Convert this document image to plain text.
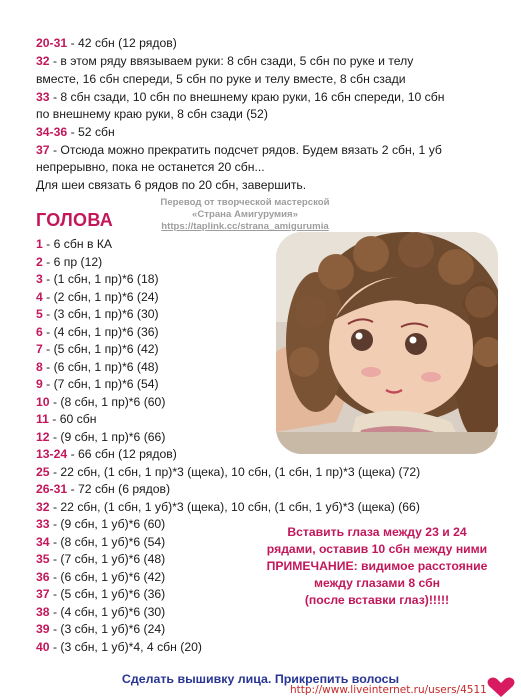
20-31 - 42 сбн (12 рядов)
32 - в этом ряду ввязываем руки: 8 сбн сзади, 5 сбн по руке и телу
вместе, 16 сбн спереди, 5 сбн по руке и телу вместе, 8 сбн сзади
33 - 8 сбн сзади, 10 сбн по внешнему краю руки, 16 сбн спереди, 10 сбн
по внешнему краю руки, 8 сбн сзади (52)
34-36 - 52 сбн
37 - Отсюда можно прекратить подсчет рядов. Будем вязать 2 сбн, 1 уб
непрерывно, пока не останется 20 сбн...
Для шеи связать 6 рядов по 20 сбн, завершить.
ГОЛОВА
Перевод от творческой мастерской
«Страна Амигурумия»
https://taplink.cc/strana_amigurumia
1 - 6 сбн в КА
2 - 6 пр (12)
3 - (1 сбн, 1 пр)*6 (18)
4 - (2 сбн, 1 пр)*6 (24)
5 - (3 сбн, 1 пр)*6 (30)
6 - (4 сбн, 1 пр)*6 (36)
7 - (5 сбн, 1 пр)*6 (42)
8 - (6 сбн, 1 пр)*6 (48)
9 - (7 сбн, 1 пр)*6 (54)
10 - (8 сбн, 1 пр)*6 (60)
11 - 60 сбн
12 - (9 сбн, 1 пр)*6 (66)
13-24 - 66 сбн (12 рядов)
25 - 22 сбн, (1 сбн, 1 пр)*3 (щека), 10 сбн, (1 сбн, 1 пр)*3 (щека) (72)
26-31 - 72 сбн (6 рядов)
32 - 22 сбн, (1 сбн, 1 уб)*3 (щека), 10 сбн, (1 сбн, 1 уб)*3 (щека) (66)
33 - (9 сбн, 1 уб)*6 (60)
34 - (8 сбн, 1 уб)*6 (54)
35 - (7 сбн, 1 уб)*6 (48)
36 - (6 сбн, 1 уб)*6 (42)
37 - (5 сбн, 1 уб)*6 (36)
38 - (4 сбн, 1 уб)*6 (30)
39 - (3 сбн, 1 уб)*6 (24)
40 - (3 сбн, 1 уб)*4, 4 сбн (20)
Вставить глаза между 23 и 24
рядами, оставив 10 сбн между ними
ПРИМЕЧАНИЕ: видимое расстояние
между глазами 8 сбн
(после вставки глаз)!!!!!
Сделать вышивку лица. Прикрепить волосы
http://www.liveinternet.ru/users/4511
